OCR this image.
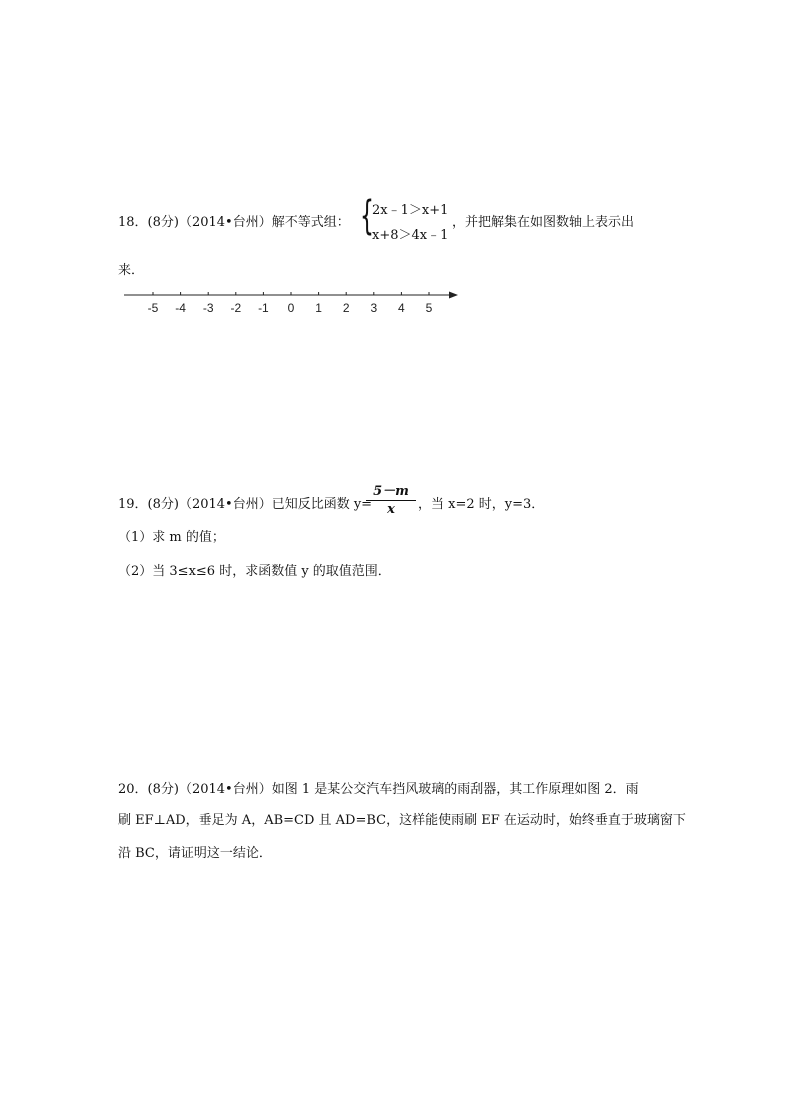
18．(8分)（2014•台州）解不等式组： {
2x﹣1＞x+1
x+8＞4x﹣1
，并把解集在如图数轴上表示出
来．
-5 -4 -3 -2 -1 0 1 2 3 4 5
19．(8分)（2014•台州）已知反比函数 y=
5－m
x	，当 x=2 时，y=3．
（1）求 m 的值；
（2）当 3≤x≤6 时，求函数值 y 的取值范围．
20．(8分)（2014•台州）如图 1 是某公交汽车挡风玻璃的雨刮器，其工作原理如图 2．雨
刷 EF⊥AD，垂足为 A，AB=CD 且 AD=BC，这样能使雨刷 EF 在运动时，始终垂直于玻璃窗下
沿 BC，请证明这一结论．
